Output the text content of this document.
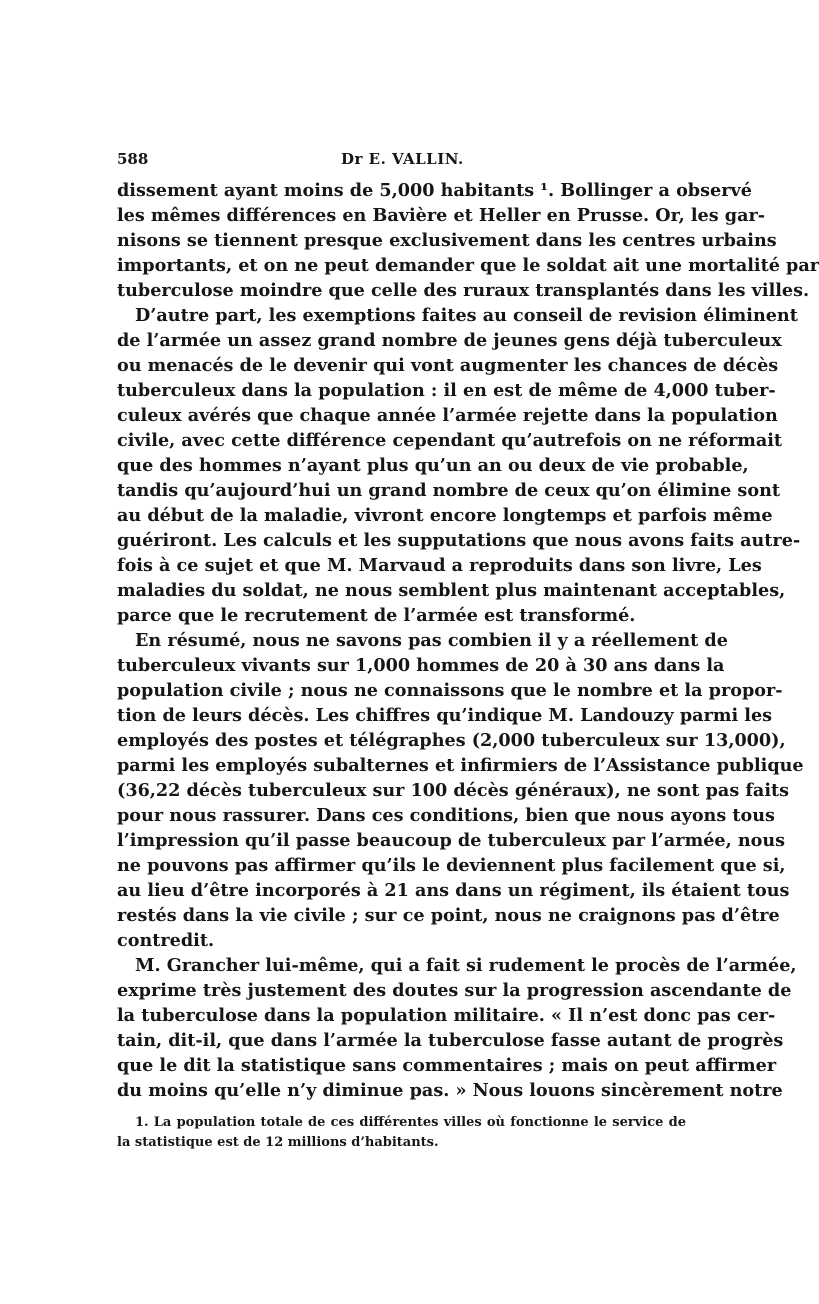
588	Dr E. VALLIN.
dissement ayant moins de 5,000 habitants ¹. Bollinger a observé
les mêmes différences en Bavière et Heller en Prusse. Or, les gar-
nisons se tiennent presque exclusivement dans les centres urbains
importants, et on ne peut demander que le soldat ait une mortalité par
tuberculose moindre que celle des ruraux transplantés dans les villes.
D’autre part, les exemptions faites au conseil de revision éliminent
de l’armée un assez grand nombre de jeunes gens déjà tuberculeux
ou menacés de le devenir qui vont augmenter les chances de décès
tuberculeux dans la population : il en est de même de 4,000 tuber-
culeux avérés que chaque année l’armée rejette dans la population
civile, avec cette différence cependant qu’autrefois on ne réformait
que des hommes n’ayant plus qu’un an ou deux de vie probable,
tandis qu’aujourd’hui un grand nombre de ceux qu’on élimine sont
au début de la maladie, vivront encore longtemps et parfois même
guériront. Les calculs et les supputations que nous avons faits autre-
fois à ce sujet et que M. Marvaud a reproduits dans son livre, Les
maladies du soldat, ne nous semblent plus maintenant acceptables,
parce que le recrutement de l’armée est transformé.
En résumé, nous ne savons pas combien il y a réellement de
tuberculeux vivants sur 1,000 hommes de 20 à 30 ans dans la
population civile ; nous ne connaissons que le nombre et la propor-
tion de leurs décès. Les chiffres qu’indique M. Landouzy parmi les
employés des postes et télégraphes (2,000 tuberculeux sur 13,000),
parmi les employés subalternes et infirmiers de l’Assistance publique
(36,22 décès tuberculeux sur 100 décès généraux), ne sont pas faits
pour nous rassurer. Dans ces conditions, bien que nous ayons tous
l’impression qu’il passe beaucoup de tuberculeux par l’armée, nous
ne pouvons pas affirmer qu’ils le deviennent plus facilement que si,
au lieu d’être incorporés à 21 ans dans un régiment, ils étaient tous
restés dans la vie civile ; sur ce point, nous ne craignons pas d’être
contredit.
M. Grancher lui-même, qui a fait si rudement le procès de l’armée,
exprime très justement des doutes sur la progression ascendante de
la tuberculose dans la population militaire. « Il n’est donc pas cer-
tain, dit-il, que dans l’armée la tuberculose fasse autant de progrès
que le dit la statistique sans commentaires ; mais on peut affirmer
du moins qu’elle n’y diminue pas. » Nous louons sincèrement notre
1. La population totale de ces différentes villes où fonctionne le service de
la statistique est de 12 millions d’habitants.
